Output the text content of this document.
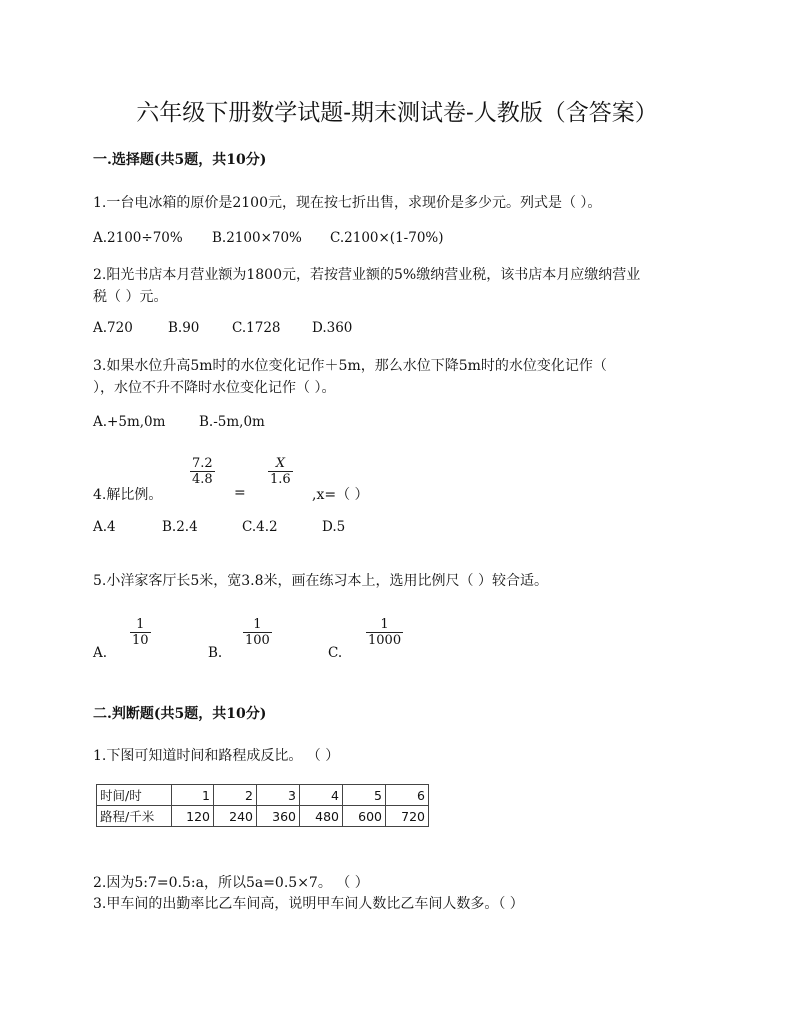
六年级下册数学试题-期末测试卷-人教版（含答案）
一.选择题(共5题，共10分)
1.一台电冰箱的原价是2100元，现在按七折出售，求现价是多少元。列式是（ ）。
A.2100÷70% B.2100×70% C.2100×(1-70%)
2.阳光书店本月营业额为1800元，若按营业额的5%缴纳营业税，该书店本月应缴纳营业
税（ ）元。
A.720	B.90 C.1728 D.360
3.如果水位升高5m时的水位变化记作＋5m，那么水位下降5m时的水位变化记作（
），水位不升不降时水位变化记作（ ）。
A.+5m,0m B.-5m,0m
4.解比例。
$\frac{7.2}{4.8}$
=
$\frac{X}{1.6}$
,x=（ ）
A.4	B.2.4	C.4.2	D.5
5.小洋家客厅长5米，宽3.8米，画在练习本上，选用比例尺（ ）较合适。
A.
$\frac{1}{10}$
B.
$\frac{1}{100}$
C.
$\frac{1}{1000}$
二.判断题(共5题，共10分)
1.下图可知道时间和路程成反比。 （ ）
时间/时	1	2	3	4	5	6
路程/千米	120	240	360	480	600	720
2.因为5:7=0.5:a，所以5a=0.5×7。 （ ）
3.甲车间的出勤率比乙车间高，说明甲车间人数比乙车间人数多。（ ）
